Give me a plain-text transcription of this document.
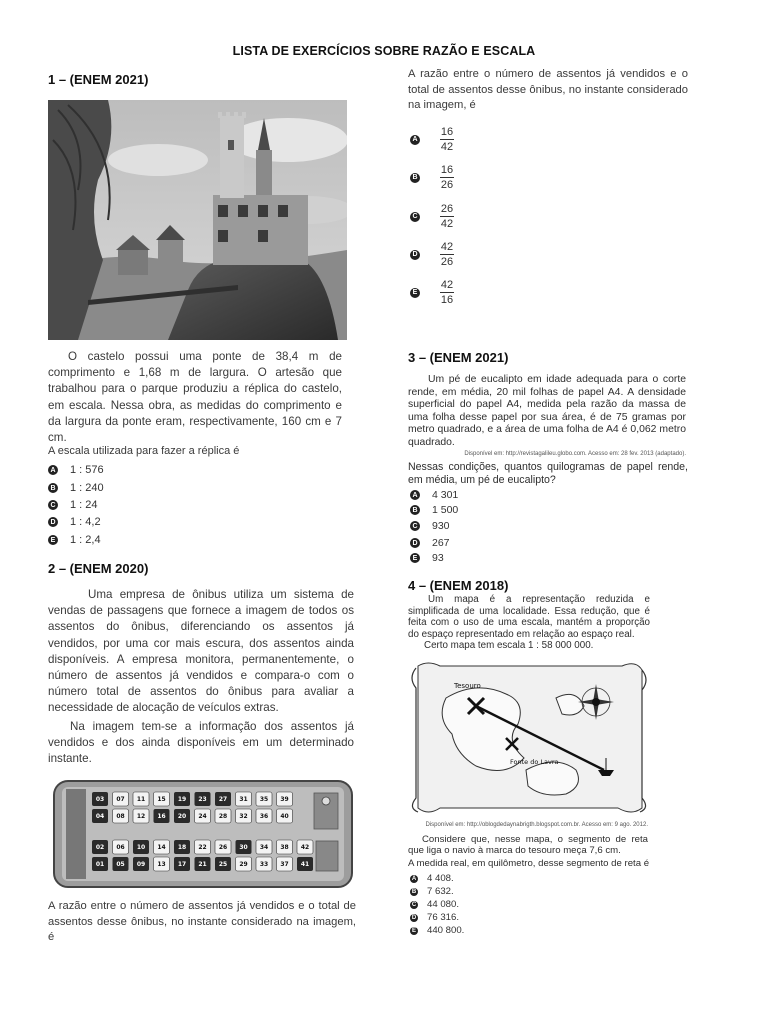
LISTA DE EXERCÍCIOS SOBRE RAZÃO E ESCALA
1 – (ENEM 2021)
O castelo possui uma ponte de 38,4 m de comprimento e 1,68 m de largura. O artesão que trabalhou para o parque produziu a réplica do castelo, em escala. Nessa obra, as medidas do comprimento e da largura da ponte eram, respectivamente, 160 cm e 7 cm.
A escala utilizada para fazer a réplica é
A 1 : 576
B 1 : 240
C 1 : 24
D 1 : 4,2
E 1 : 2,4
2 – (ENEM 2020)
Uma empresa de ônibus utiliza um sistema de vendas de passagens que fornece a imagem de todos os assentos do ônibus, diferenciando os assentos já vendidos, por uma cor mais escura, dos assentos ainda disponíveis. A empresa monitora, permanentemente, o número de assentos já vendidos e compara-o com o número total de assentos do ônibus para avaliar a necessidade de alocação de veículos extras.
Na imagem tem-se a informação dos assentos já vendidos e dos ainda disponíveis em um determinado instante.
03 07 11 15 19 23 27 31 35 39
04 08 12 16 20 24 28 32 36 40
02 06 10 14 18 22 26 30 34 38 42
01 05 09 13 17 21 25 29 33 37 41
A razão entre o número de assentos já vendidos e o total de assentos desse ônibus, no instante considerado na imagem, é
A razão entre o número de assentos já vendidos e o total de assentos desse ônibus, no instante considerado na imagem, é
A $\frac{16}{42}$
B $\frac{16}{26}$
C $\frac{26}{42}$
D $\frac{42}{26}$
E $\frac{42}{16}$
3 – (ENEM 2021)
Um pé de eucalipto em idade adequada para o corte rende, em média, 20 mil folhas de papel A4. A densidade superficial do papel A4, medida pela razão da massa de uma folha desse papel por sua área, é de 75 gramas por metro quadrado, e a área de uma folha de A4 é 0,062 metro quadrado.
Disponível em: http://revistagalileu.globo.com. Acesso em: 28 fev. 2013 (adaptado).
Nessas condições, quantos quilogramas de papel rende, em média, um pé de eucalipto?
A 4 301
B 1 500
C 930
D 267
E 93
4 – (ENEM 2018)
Um mapa é a representação reduzida e simplificada de uma localidade. Essa redução, que é feita com o uso de uma escala, mantém a proporção do espaço representado em relação ao espaço real.
Certo mapa tem escala 1 : 58 000 000.
Tesouro
Fonte do Lavra
Disponível em: http://oblogdedaynabrigth.blogspot.com.br. Acesso em: 9 ago. 2012.
Considere que, nesse mapa, o segmento de reta que liga o navio à marca do tesouro meça 7,6 cm.
A medida real, em quilômetro, desse segmento de reta é
A 4 408.
B 7 632.
C 44 080.
D 76 316.
E 440 800.
